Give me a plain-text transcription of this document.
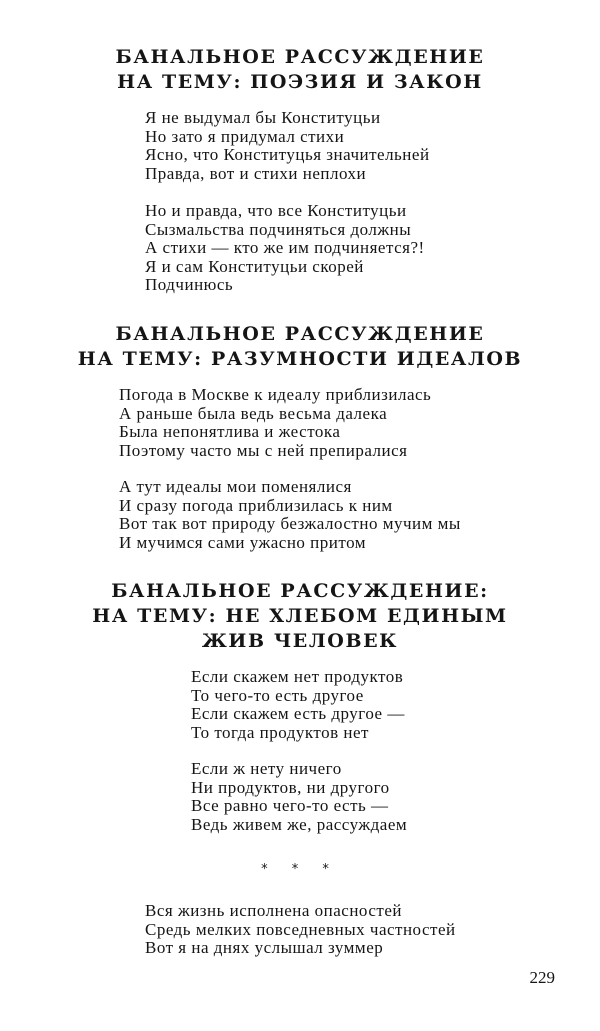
БАНАЛЬНОЕ РАССУЖДЕНИЕ
НА ТЕМУ: ПОЭЗИЯ И ЗАКОН
Я не выдумал бы Конституцьи
Но зато я придумал стихи
Ясно, что Конституцья значительней
Правда, вот и стихи неплохи
Но и правда, что все Конституцьи
Сызмальства подчиняться должны
А стихи — кто же им подчиняется?!
Я и сам Конституцьи скорей
Подчинюсь
БАНАЛЬНОЕ РАССУЖДЕНИЕ
НА ТЕМУ: РАЗУМНОСТИ ИДЕАЛОВ
Погода в Москве к идеалу приблизилась
А раньше была ведь весьма далека
Была непонятлива и жестока
Поэтому часто мы с ней препиралися
А тут идеалы мои поменялися
И сразу погода приблизилась к ним
Вот так вот природу безжалостно мучим мы
И мучимся сами ужасно притом
БАНАЛЬНОЕ РАССУЖДЕНИЕ:
НА ТЕМУ: НЕ ХЛЕБОМ ЕДИНЫМ
ЖИВ ЧЕЛОВЕК
Если скажем нет продуктов
То чего-то есть другое
Если скажем есть другое —
То тогда продуктов нет
Если ж нету ничего
Ни продуктов, ни другого
Все равно чего-то есть —
Ведь живем же, рассуждаем
* * *
Вся жизнь исполнена опасностей
Средь мелких повседневных частностей
Вот я на днях услышал зуммер
229
